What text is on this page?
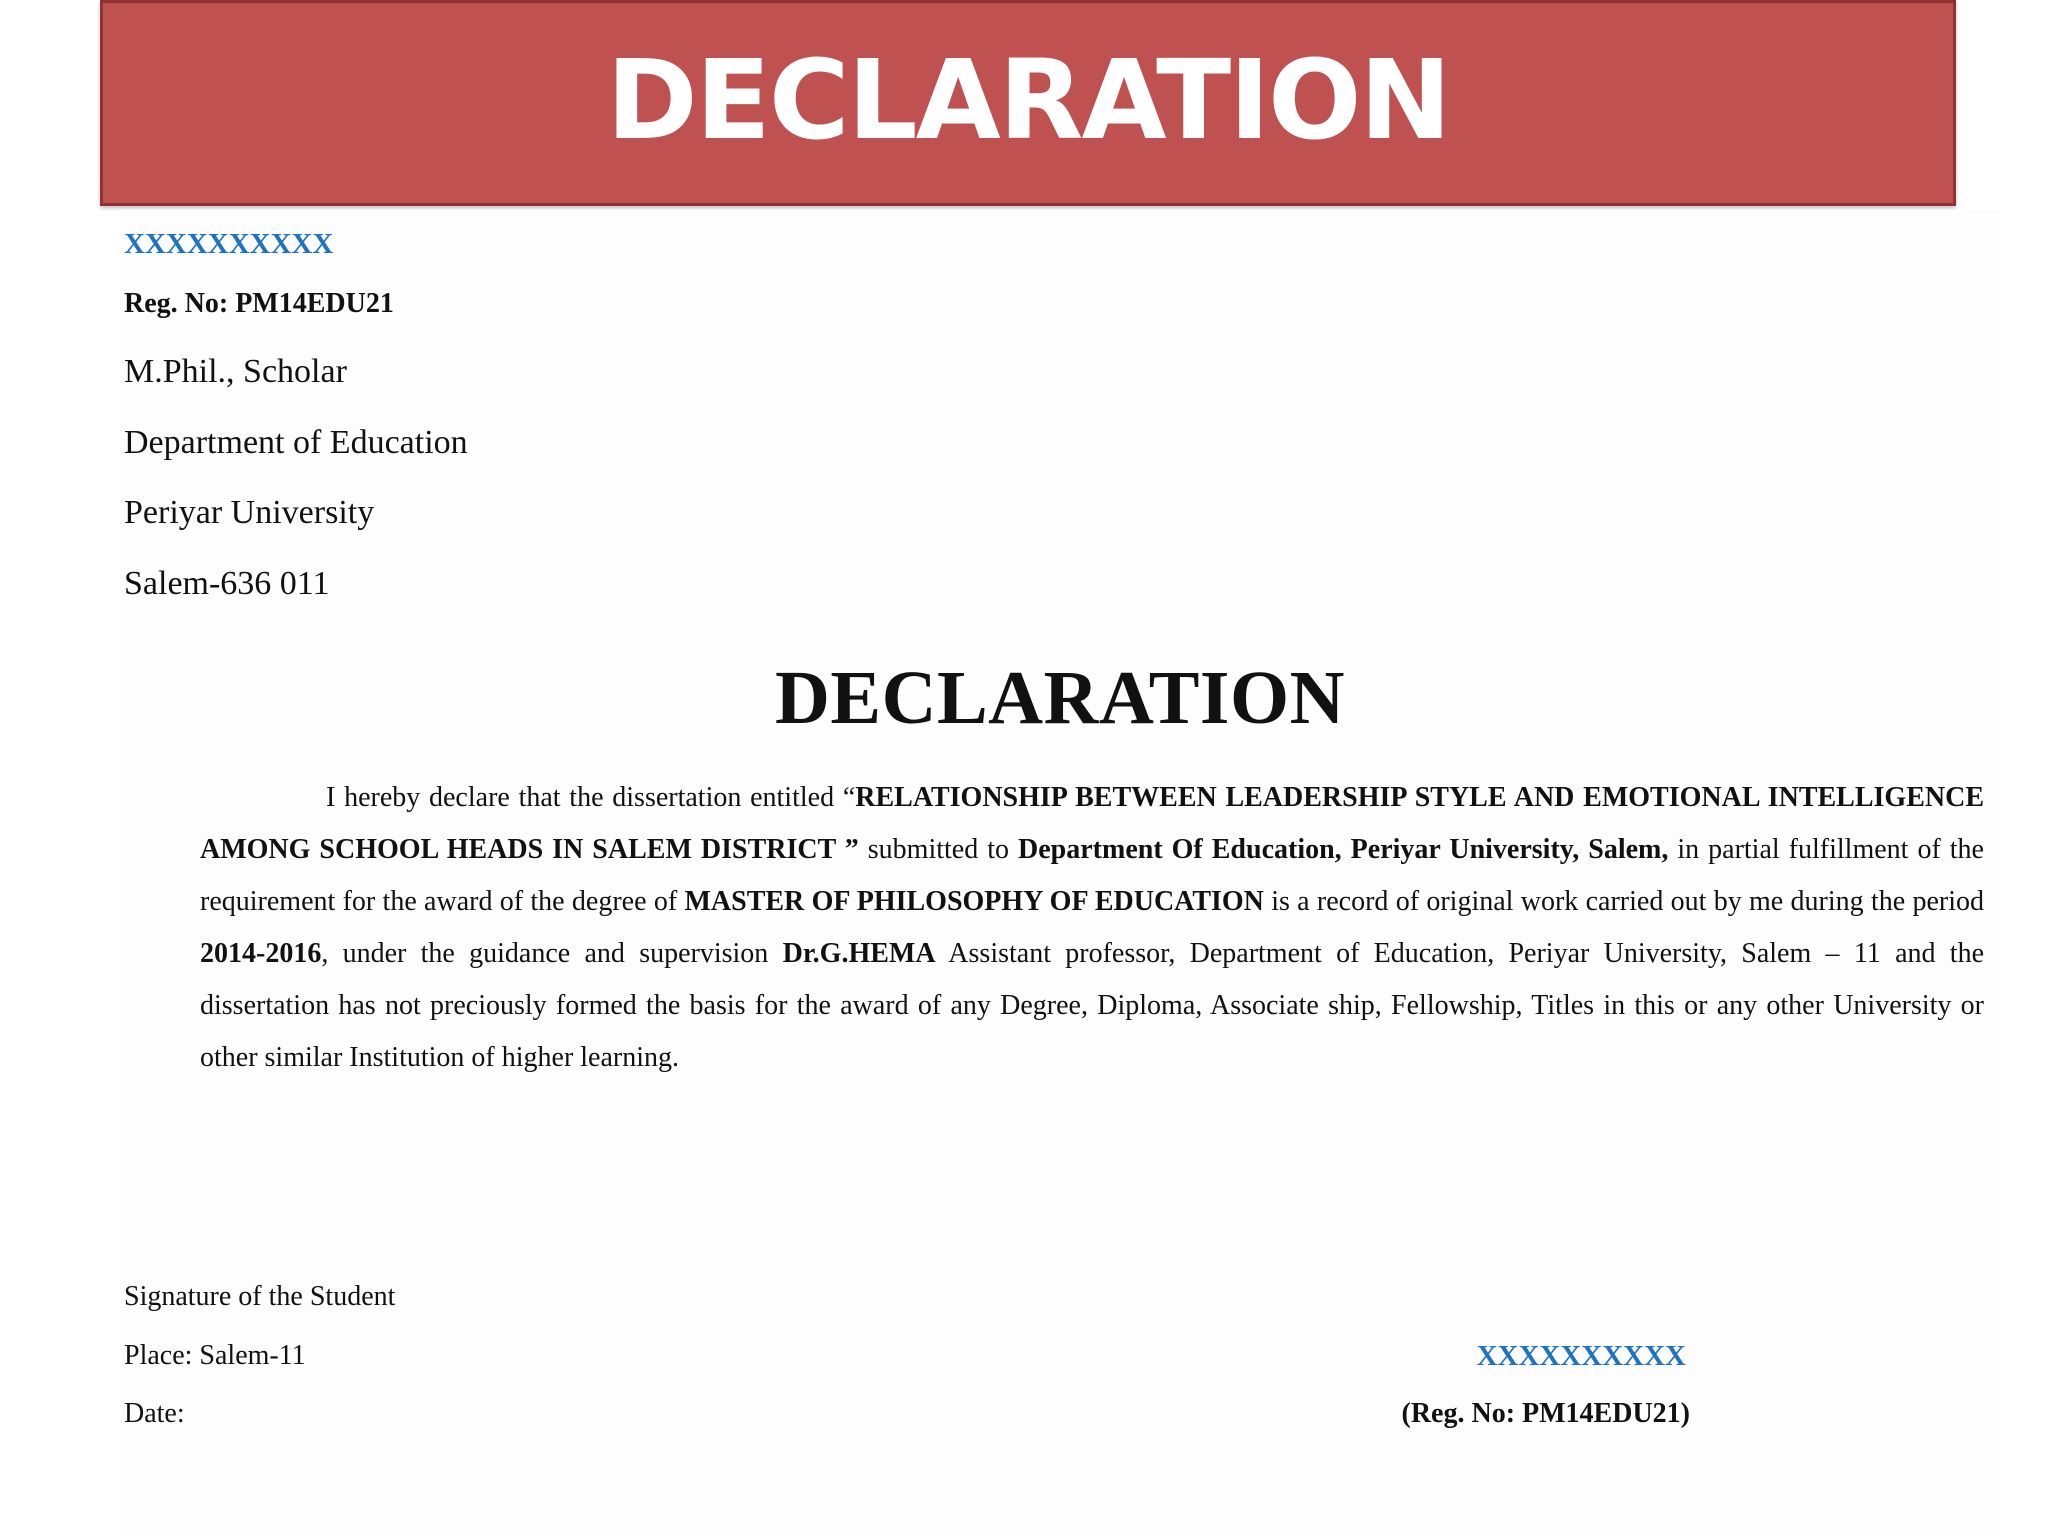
DECLARATION
XXXXXXXXXX
Reg. No: PM14EDU21
M.Phil., Scholar
Department of Education
Periyar University
Salem-636 011
DECLARATION
I hereby declare that the dissertation entitled “RELATIONSHIP BETWEEN LEADERSHIP STYLE AND EMOTIONAL INTELLIGENCE AMONG SCHOOL HEADS IN SALEM DISTRICT ” submitted to Department Of Education, Periyar University, Salem, in partial fulfillment of the requirement for the award of the degree of MASTER OF PHILOSOPHY OF EDUCATION is a record of original work carried out by me during the period 2014-2016, under the guidance and supervision Dr.G.HEMA Assistant professor, Department of Education, Periyar University, Salem – 11 and the dissertation has not preciously formed the basis for the award of any Degree, Diploma, Associate ship, Fellowship, Titles in this or any other University or other similar Institution of higher learning.
Signature of the Student
Place: Salem-11
Date:
XXXXXXXXXX
(Reg. No: PM14EDU21)
